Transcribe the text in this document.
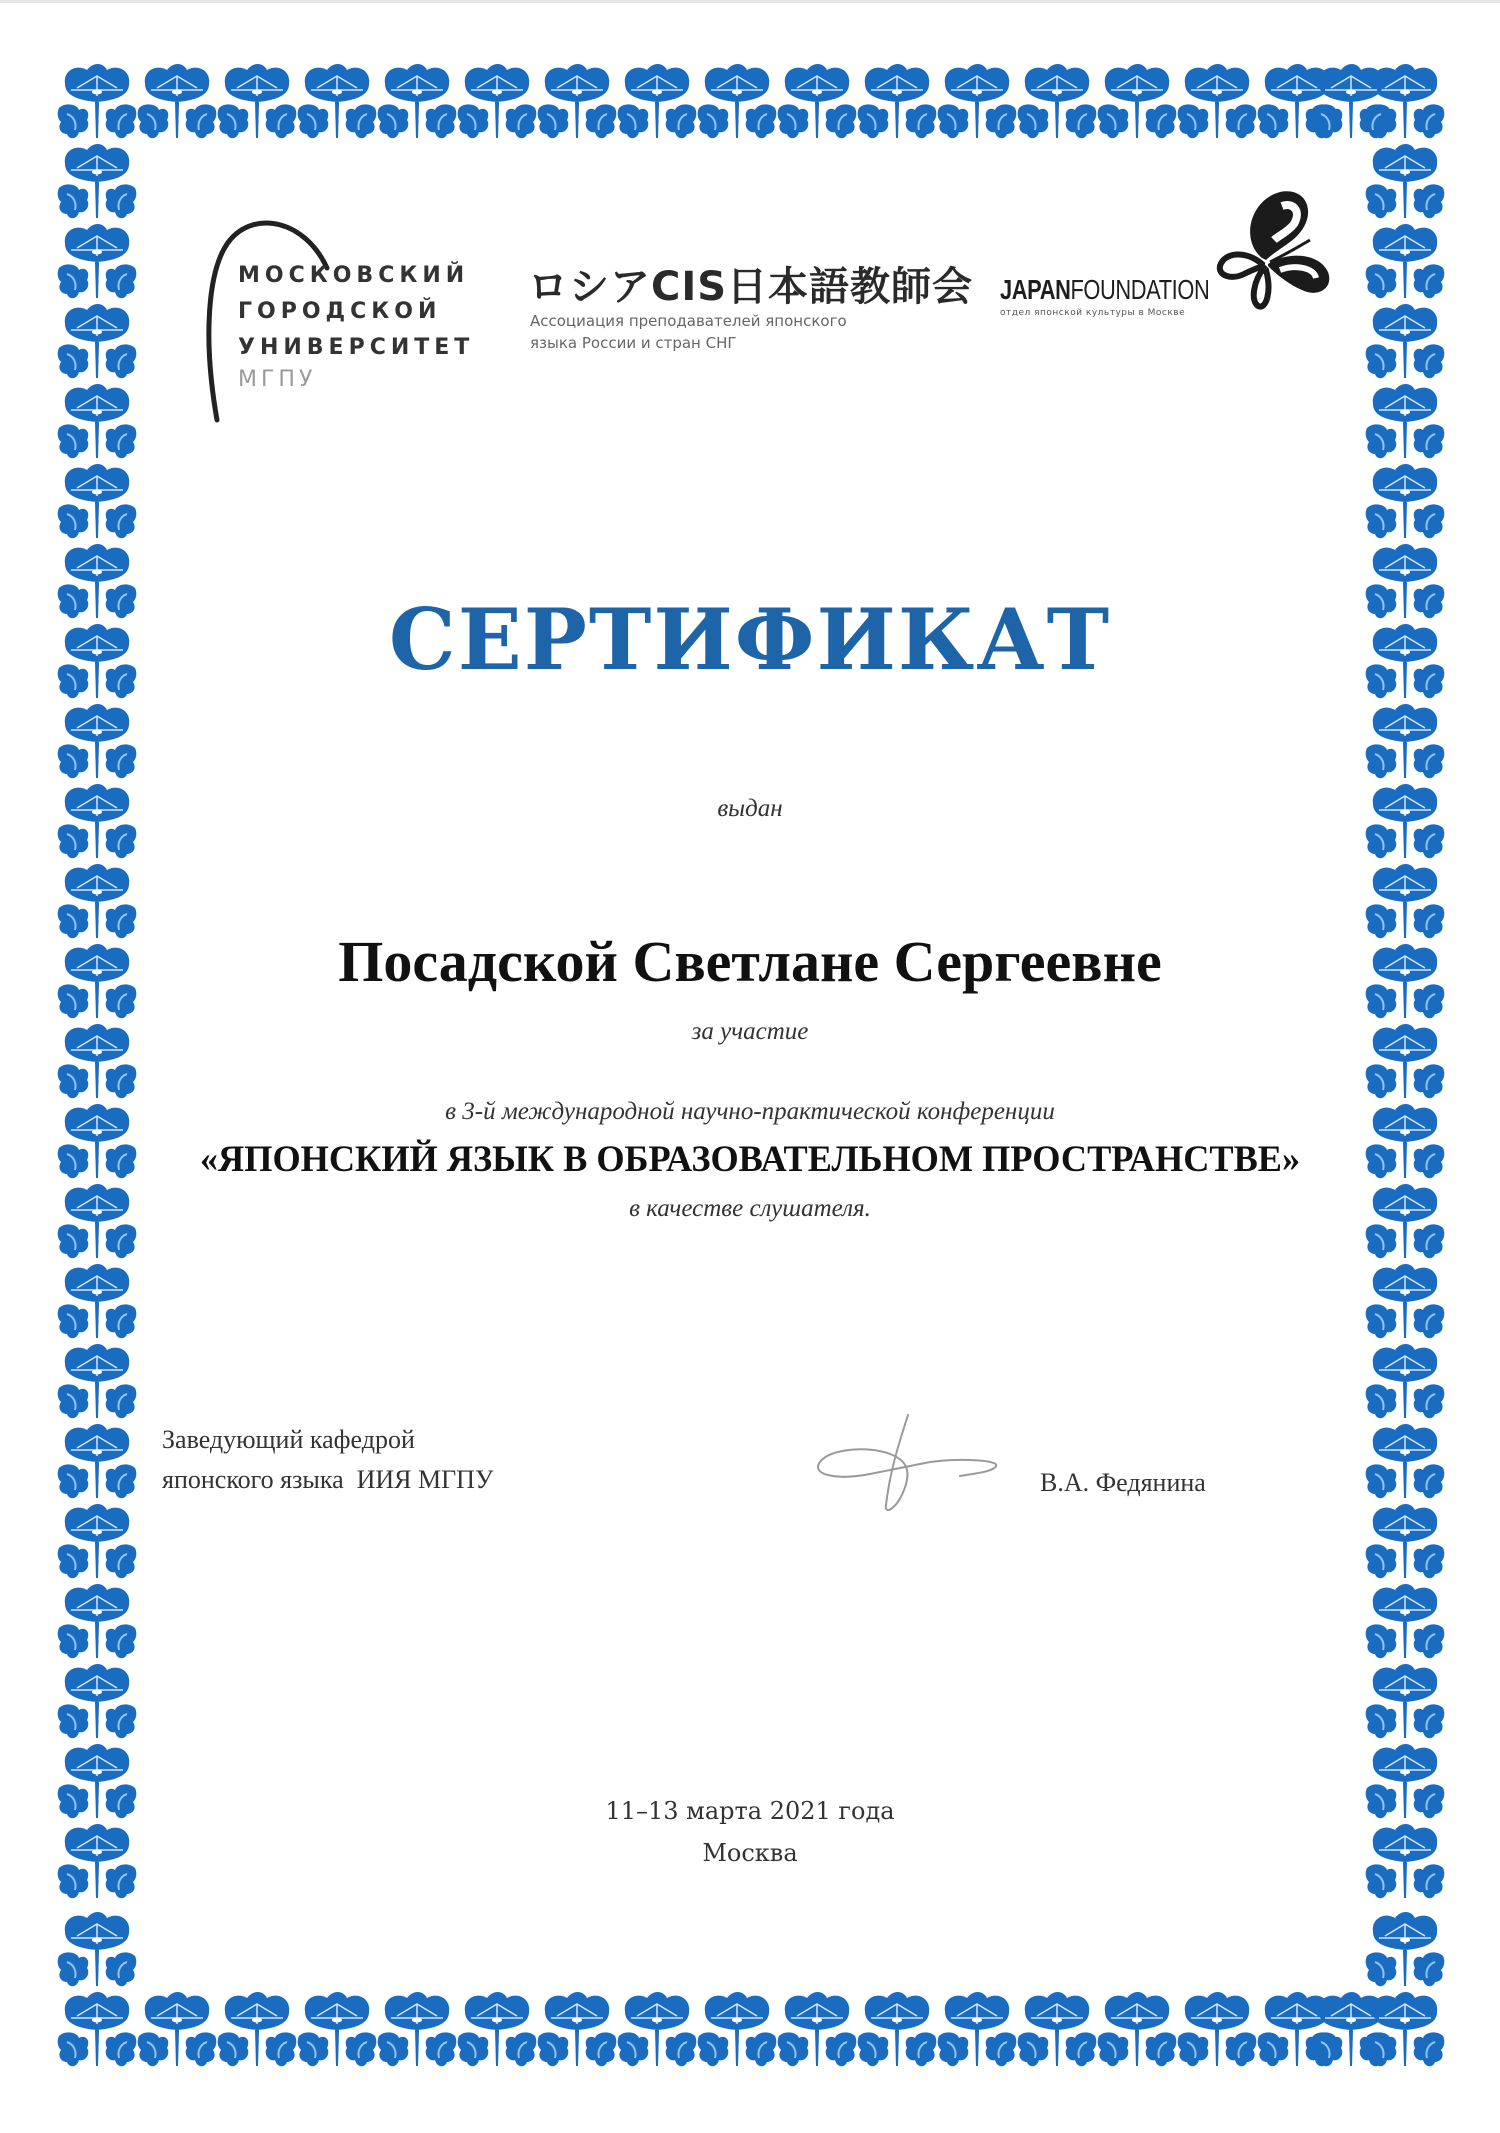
МОСКОВСКИЙ
ГОРОДСКОЙ
УНИВЕРСИТЕТ
МГПУ
ロシアCIS日本語教師会
Ассоциация преподавателей японского
языка России и стран СНГ
JAPANFOUNDATION
отдел японской культуры в Москве
СЕРТИФИКАТ
выдан
Посадской Светлане Сергеевне
за участие
в 3-й международной научно-практической конференции
«ЯПОНСКИЙ ЯЗЫК В ОБРАЗОВАТЕЛЬНОМ ПРОСТРАНСТВЕ»
в качестве слушателя.
Заведующий кафедрой
японского языка  ИИЯ МГПУ	В.А. Федянина
11–13 марта 2021 года
Москва
